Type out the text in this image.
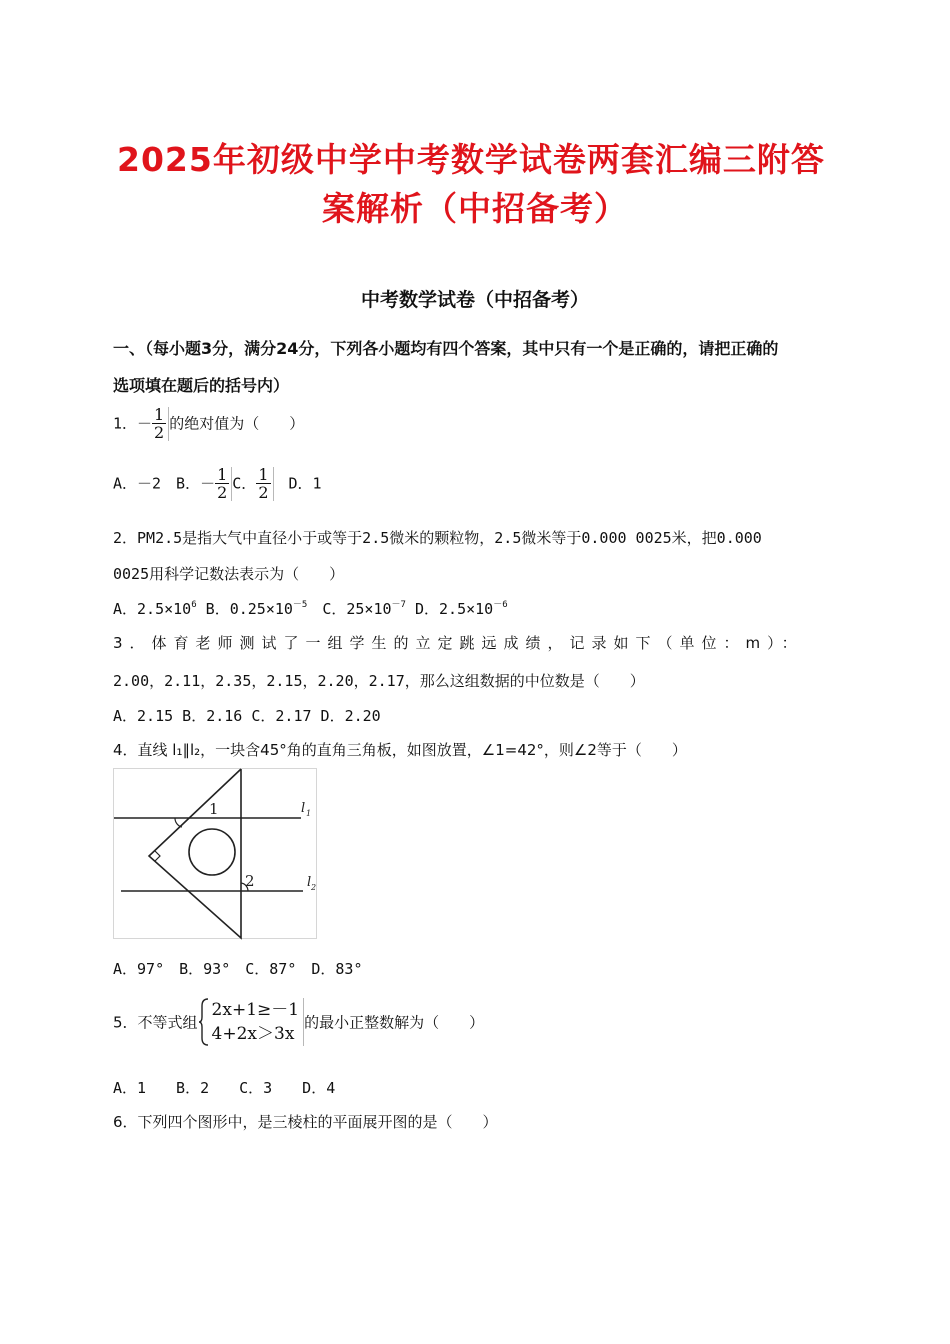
2025年初级中学中考数学试卷两套汇编三附答
案解析（中招备考）
中考数学试卷（中招备考）
一、（每小题3分，满分24分，下列各小题均有四个答案，其中只有一个是正确的，请把正确的
选项填在题后的括号内）
1．－ $\frac{1}{2}$ 的绝对值为（　　）
A．－2　B．－ $\frac{1}{2}$ C． $\frac{1}{2}$ 　D．1
2．PM2.5是指大气中直径小于或等于2.5微米的颗粒物，2.5微米等于0.000 0025米，把0.000
0025用科学记数法表示为（　　）
A．$2.5\times 10^6$ B．$0.25\times 10^{-5}$　C．$25\times 10^{-7}$ D．$2.5\times 10^{-6}$
3．体育老师测试了一组学生的立定跳远成绩，记录如下（单位：m）：
2.00，2.11，2.35，2.15，2.20，2.17，那么这组数据的中位数是（　　）
A．2.15 B．2.16 C．2.17 D．2.20
4．直线 l₁∥l₂，一块含45°角的直角三角板，如图放置，∠1=42°，则∠2等于（　　）
1
2
l 1
l 2
A．97°　B．93°　C．87°　D．83°
5．不等式组
2x+1≥－1
4+2x＞3x
的最小正整数解为（　　）
A．1　　B．2　　C．3　　D．4
6．下列四个图形中，是三棱柱的平面展开图的是（　　）
